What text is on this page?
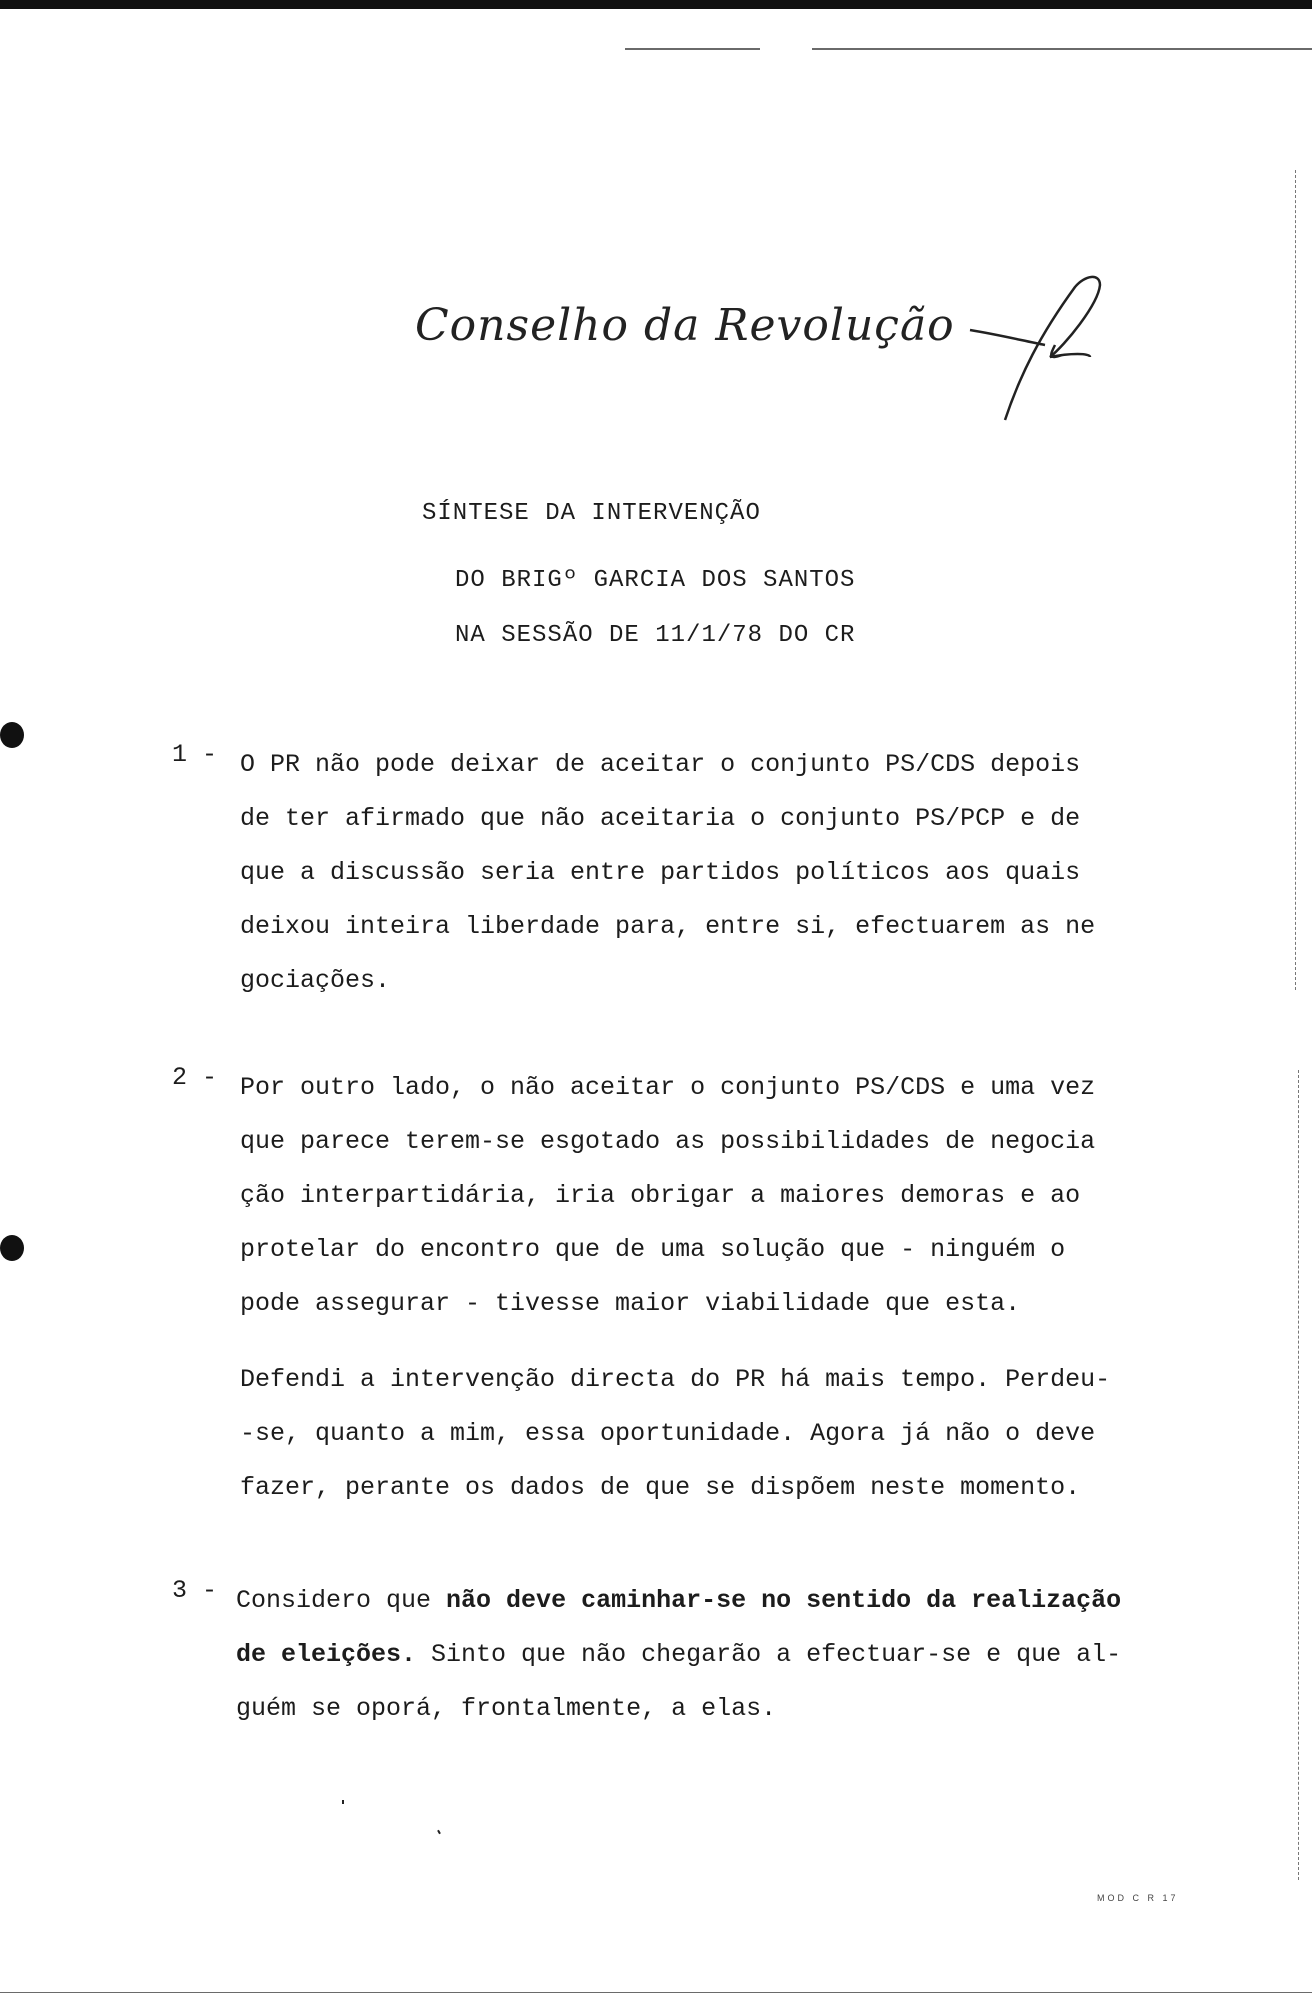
Conselho da Revolução
SÍNTESE DA INTERVENÇÃO
DO BRIGº GARCIA DOS SANTOS
NA SESSÃO DE 11/1/78 DO CR
1 - O PR não pode deixar de aceitar o conjunto PS/CDS depois
de ter afirmado que não aceitaria o conjunto PS/PCP e de
que a discussão seria entre partidos políticos aos quais
deixou inteira liberdade para, entre si, efectuarem as ne
gociações.
2 - Por outro lado, o não aceitar o conjunto PS/CDS e uma vez
que parece terem-se esgotado as possibilidades de negocia
ção interpartidária, iria obrigar a maiores demoras e ao
protelar do encontro que de uma solução que - ninguém o
pode assegurar - tivesse maior viabilidade que esta.
Defendi a intervenção directa do PR há mais tempo. Perdeu-
-se, quanto a mim, essa oportunidade. Agora já não o deve
fazer, perante os dados de que se dispõem neste momento.
3 - Considero que não deve caminhar-se no sentido da realização
de eleições. Sinto que não chegarão a efectuar-se e que al-
guém se oporá, frontalmente, a elas.
MOD C R 17
